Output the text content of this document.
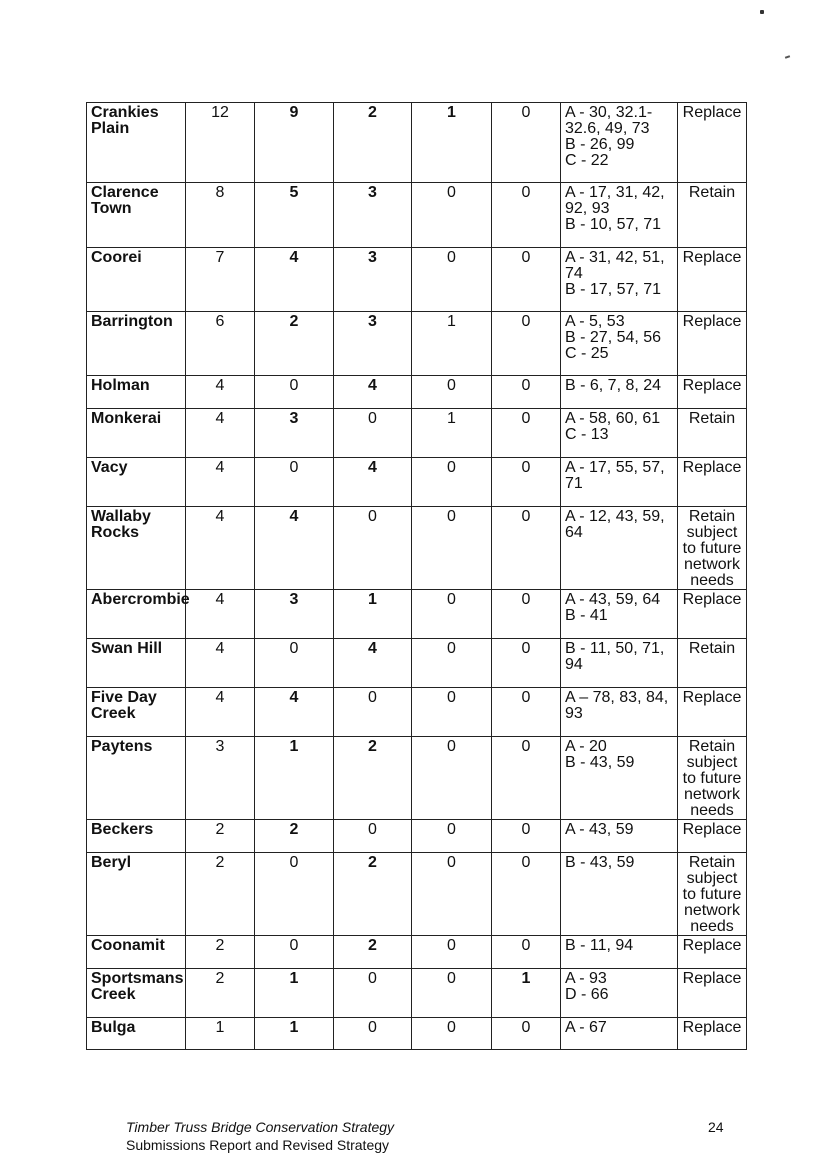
Crankies Plain	12	9	2	1	0	A - 30, 32.1-
32.6, 49, 73
B - 26, 99
C - 22	Replace
Clarence Town	8	5	3	0	0	A - 17, 31, 42,
92, 93
B - 10, 57, 71	Retain
Coorei	7	4	3	0	0	A - 31, 42, 51,
74
B - 17, 57, 71	Replace
Barrington	6	2	3	1	0	A - 5, 53
B - 27, 54, 56
C - 25	Replace
Holman	4	0	4	0	0	B - 6, 7, 8, 24	Replace
Monkerai	4	3	0	1	0	A - 58, 60, 61
C - 13	Retain
Vacy	4	0	4	0	0	A - 17, 55, 57,
71	Replace
Wallaby Rocks	4	4	0	0	0	A - 12, 43, 59,
64	Retain subject to future network needs
Abercrombie	4	3	1	0	0	A - 43, 59, 64
B - 41	Replace
Swan Hill	4	0	4	0	0	B - 11, 50, 71,
94	Retain
Five Day Creek	4	4	0	0	0	A – 78, 83, 84,
93	Replace
Paytens	3	1	2	0	0	A - 20
B - 43, 59	Retain subject to future network needs
Beckers	2	2	0	0	0	A - 43, 59	Replace
Beryl	2	0	2	0	0	B - 43, 59	Retain subject to future network needs
Coonamit	2	0	2	0	0	B - 11, 94	Replace
Sportsmans Creek	2	1	0	0	1	A - 93
D - 66	Replace
Bulga	1	1	0	0	0	A - 67	Replace
Timber Truss Bridge Conservation Strategy
Submissions Report and Revised Strategy
24
